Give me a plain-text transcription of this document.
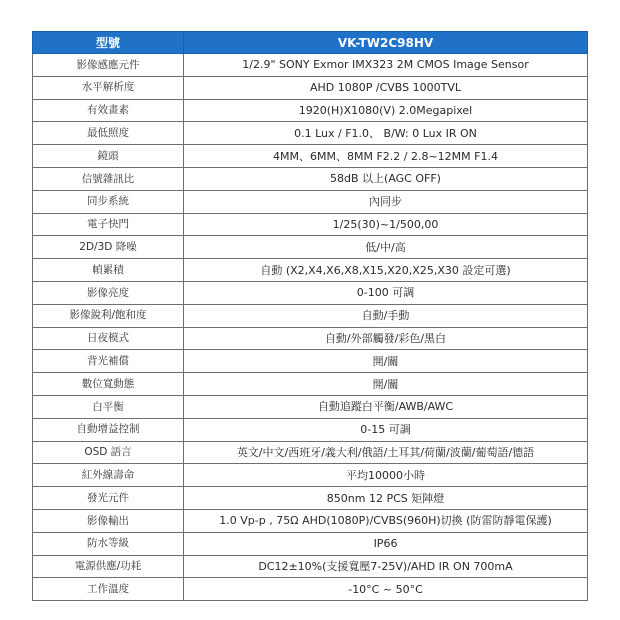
型號	VK-TW2C98HV
影像感應元件	1/2.9" SONY Exmor IMX323 2M CMOS Image Sensor
水平解析度	AHD 1080P /CVBS 1000TVL
有效畫素	1920(H)X1080(V) 2.0Megapixel
最低照度	0.1 Lux / F1.0、 B/W: 0 Lux IR ON
鏡頭	4MM、6MM、8MM F2.2 / 2.8~12MM F1.4
信號雜訊比	58dB 以上(AGC OFF)
同步系統	內同步
電子快門	1/25(30)~1/500,00
2D/3D 降噪	低/中/高
幀累積	自動 (X2,X4,X6,X8,X15,X20,X25,X30 設定可選)
影像亮度	0-100 可調
影像銳利/飽和度	自動/手動
日夜模式	自動/外部觸發/彩色/黑白
背光補償	開/關
數位寬動態	開/關
白平衡	自動追蹤白平衡/AWB/AWC
自動增益控制	0-15 可調
OSD 語言	英文/中文/西班牙/義大利/俄語/土耳其/荷蘭/波蘭/葡萄語/德語
紅外線壽命	平均10000小時
發光元件	850nm 12 PCS 矩陣燈
影像輸出	1.0 Vp-p , 75Ω AHD(1080P)/CVBS(960H)切換 (防雷防靜電保護)
防水等級	IP66
電源供應/功耗	DC12±10%(支援寬壓7-25V)/AHD IR ON 700mA
工作溫度	-10°C ~ 50°C
